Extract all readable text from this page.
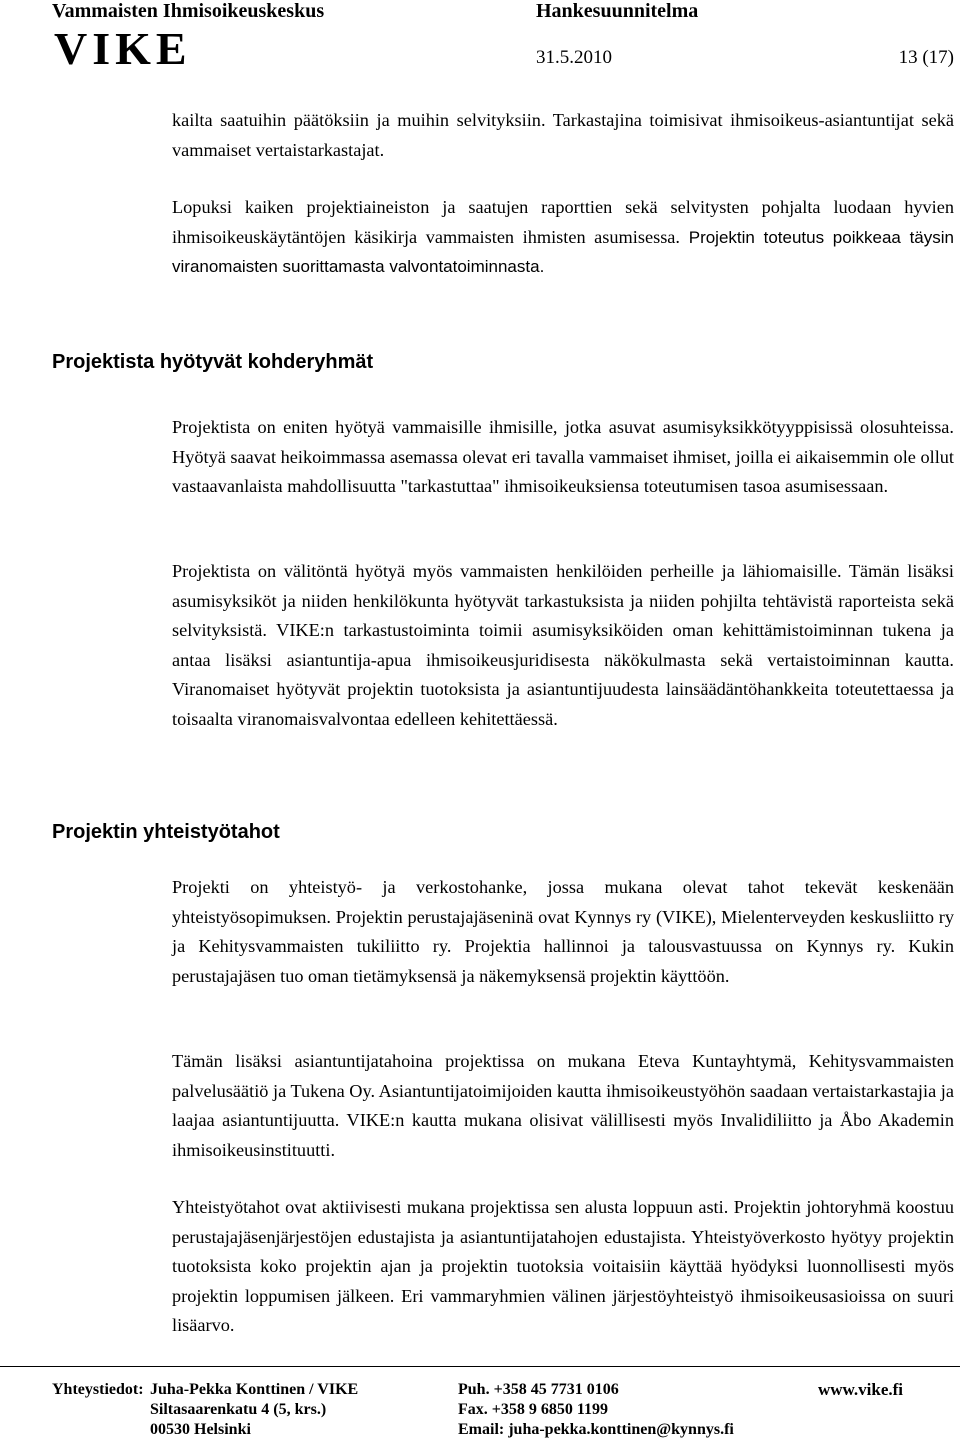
Vammaisten Ihmisoikeuskeskus	Hankesuunnitelma
VIKE	31.5.2010	13 (17)

kailta saatuihin päätöksiin ja muihin selvityksiin. Tarkastajina toimisivat ihmisoikeus-asiantuntijat sekä vammaiset vertaistarkastajat.

Lopuksi kaiken projektiaineiston ja saatujen raporttien sekä selvitysten pohjalta luodaan hyvien ihmisoikeuskäytäntöjen käsikirja vammaisten ihmisten asumisessa. Projektin toteutus poikkeaa täysin viranomaisten suorittamasta valvontatoiminnasta.

Projektista hyötyvät kohderyhmät

Projektista on eniten hyötyä vammaisille ihmisille, jotka asuvat asumisyksikkötyyppisissä olosuhteissa. Hyötyä saavat heikoimmassa asemassa olevat eri tavalla vammaiset ihmiset, joilla ei aikaisemmin ole ollut vastaavanlaista mahdollisuutta "tarkastuttaa" ihmisoikeuksiensa toteutumisen tasoa asumisessaan.

Projektista on välitöntä hyötyä myös vammaisten henkilöiden perheille ja lähiomaisille. Tämän lisäksi asumisyksiköt ja niiden henkilökunta hyötyvät tarkastuksista ja niiden pohjilta tehtävistä raporteista sekä selvityksistä. VIKE:n tarkastustoiminta toimii asumisyksiköiden oman kehittämistoiminnan tukena ja antaa lisäksi asiantuntija-apua ihmisoikeusjuridisesta näkökulmasta sekä vertaistoiminnan kautta. Viranomaiset hyötyvät projektin tuotoksista ja asiantuntijuudesta lainsäädäntöhankkeita toteutettaessa ja toisaalta viranomaisvalvontaa edelleen kehitettäessä.

Projektin yhteistyötahot

Projekti on yhteistyö- ja verkostohanke, jossa mukana olevat tahot tekevät keskenään yhteistyösopimuksen. Projektin perustajajäseninä ovat Kynnys ry (VIKE), Mielenterveyden keskusliitto ry ja Kehitysvammaisten tukiliitto ry. Projektia hallinnoi ja talousvastuussa on Kynnys ry. Kukin perustajajäsen tuo oman tietämyksensä ja näkemyksensä projektin käyttöön.

Tämän lisäksi asiantuntijatahoina projektissa on mukana Eteva Kuntayhtymä, Kehitysvammaisten palvelusäätiö ja Tukena Oy. Asiantuntijatoimijoiden kautta ihmisoikeustyöhön saadaan vertaistarkastajia ja laajaa asiantuntijuutta. VIKE:n kautta mukana olisivat välillisesti myös Invalidiliitto ja Åbo Akademin ihmisoikeusinstituutti.

Yhteistyötahot ovat aktiivisesti mukana projektissa sen alusta loppuun asti. Projektin johtoryhmä koostuu perustajajäsenjärjestöjen edustajista ja asiantuntijatahojen edustajista. Yhteistyöverkosto hyötyy projektin tuotoksista koko projektin ajan ja projektin tuotoksia voitaisiin käyttää hyödyksi luonnollisesti myös projektin loppumisen jälkeen. Eri vammaryhmien välinen järjestöyhteistyö ihmisoikeusasioissa on suuri lisäarvo.

Yhteystiedot: Juha-Pekka Konttinen / VIKE
Siltasaarenkatu 4 (5, krs.)
00530 Helsinki
Puh. +358 45 7731 0106
Fax. +358 9 6850 1199
Email: juha-pekka.konttinen@kynnys.fi
www.vike.fi
